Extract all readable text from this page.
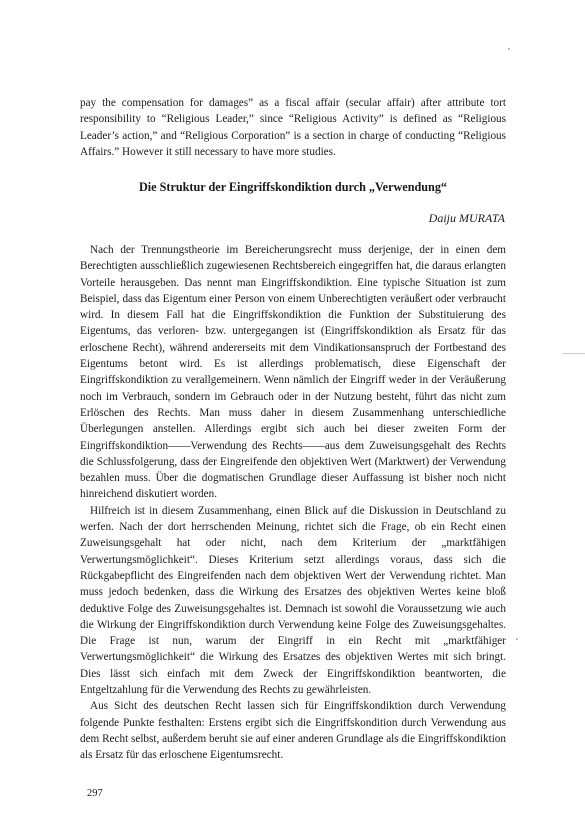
pay the compensation for damages” as a fiscal affair (secular affair) after attribute tort responsibility to “Religious Leader,” since “Religious Activity” is defined as “Religious Leader’s action,” and “Religious Corporation” is a section in charge of conducting “Religious Affairs.” However it still necessary to have more studies.

Die Struktur der Eingriffskondiktion durch „Verwendung“
Daiju MURATA

Nach der Trennungstheorie im Bereicherungsrecht muss derjenige, der in einen dem Berechtigten ausschließlich zugewiesenen Rechtsbereich eingegriffen hat, die daraus erlangten Vorteile herausgeben. Das nennt man Eingriffskondiktion. Eine typische Situation ist zum Beispiel, dass das Eigentum einer Person von einem Unberechtigten veräußert oder verbraucht wird. In diesem Fall hat die Eingriffskondiktion die Funktion der Substituierung des Eigentums, das verloren- bzw. untergegangen ist (Eingriffskondiktion als Ersatz für das erloschene Recht), während andererseits mit dem Vindikationsanspruch der Fortbestand des Eigentums betont wird. Es ist allerdings problematisch, diese Eigenschaft der Eingriffskondiktion zu verallgemeinern. Wenn nämlich der Eingriff weder in der Veräußerung noch im Verbrauch, sondern im Gebrauch oder in der Nutzung besteht, führt das nicht zum Erlöschen des Rechts. Man muss daher in diesem Zusammenhang unterschiedliche Überlegungen anstellen. Allerdings ergibt sich auch bei dieser zweiten Form der Eingriffskondiktion——Verwendung des Rechts——aus dem Zuweisungsgehalt des Rechts die Schlussfolgerung, dass der Eingreifende den objektiven Wert (Marktwert) der Verwendung bezahlen muss. Über die dogmatischen Grundlage dieser Auffassung ist bisher noch nicht hinreichend diskutiert worden.

Hilfreich ist in diesem Zusammenhang, einen Blick auf die Diskussion in Deutschland zu werfen. Nach der dort herrschenden Meinung, richtet sich die Frage, ob ein Recht einen Zuweisungsgehalt hat oder nicht, nach dem Kriterium der „marktfähigen Verwertungsmöglichkeit“. Dieses Kriterium setzt allerdings voraus, dass sich die Rückgabepflicht des Eingreifenden nach dem objektiven Wert der Verwendung richtet. Man muss jedoch bedenken, dass die Wirkung des Ersatzes des objektiven Wertes keine bloß deduktive Folge des Zuweisungsgehaltes ist. Demnach ist sowohl die Voraussetzung wie auch die Wirkung der Eingriffskondiktion durch Verwendung keine Folge des Zuweisungsgehaltes. Die Frage ist nun, warum der Eingriff in ein Recht mit „marktfähiger Verwertungsmöglichkeit“ die Wirkung des Ersatzes des objektiven Wertes mit sich bringt. Dies lässt sich einfach mit dem Zweck der Eingriffskondiktion beantworten, die Entgeltzahlung für die Verwendung des Rechts zu gewährleisten.

Aus Sicht des deutschen Recht lassen sich für Eingriffskondiktion durch Verwendung folgende Punkte festhalten: Erstens ergibt sich die Eingriffskondition durch Verwendung aus dem Recht selbst, außerdem beruht sie auf einer anderen Grundlage als die Eingriffskondiktion als Ersatz für das erloschene Eigentumsrecht.

297
